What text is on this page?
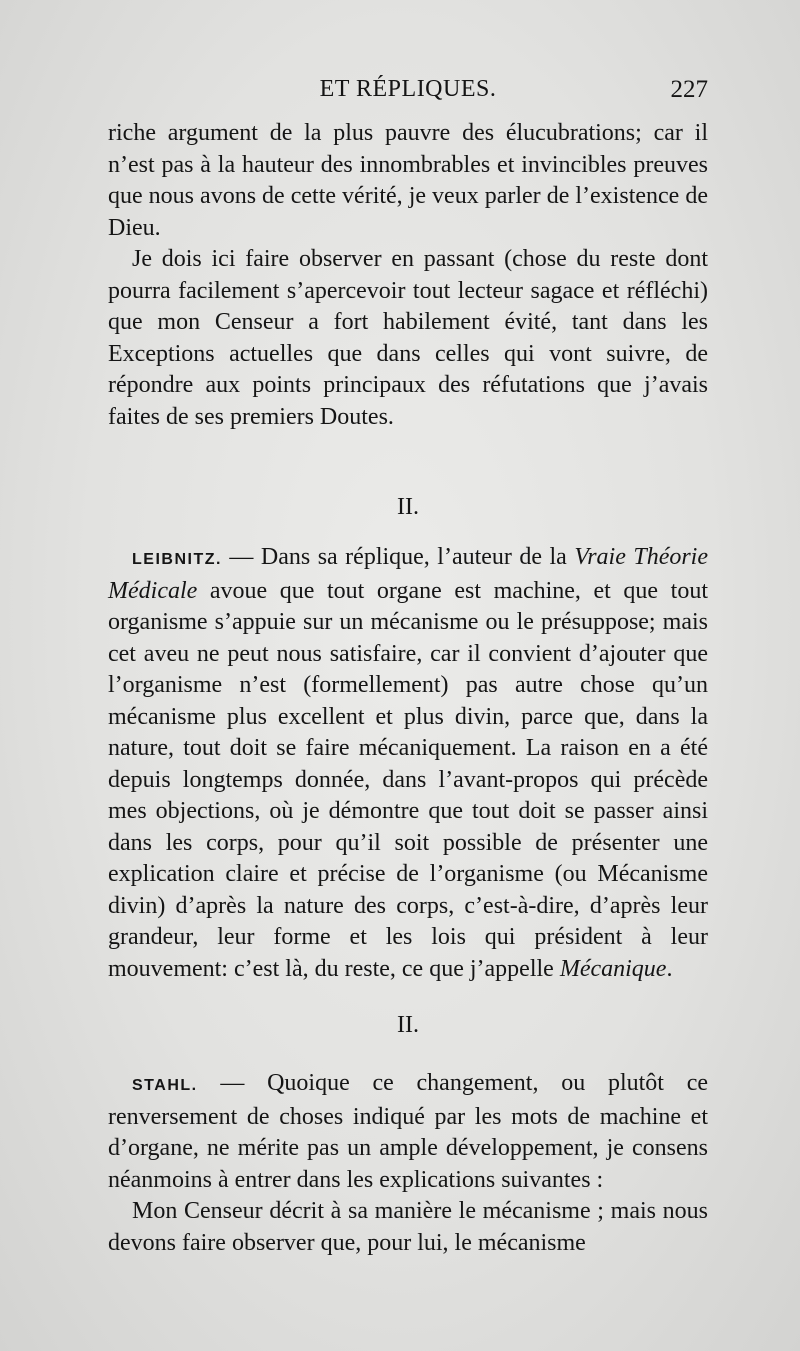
ET RÉPLIQUES.	227

riche argument de la plus pauvre des élucubrations; car il n’est pas à la hauteur des innombrables et invincibles preuves que nous avons de cette vérité, je veux parler de l’existence de Dieu.

Je dois ici faire observer en passant (chose du reste dont pourra facilement s’apercevoir tout lecteur sagace et réfléchi) que mon Censeur a fort habilement évité, tant dans les Exceptions actuelles que dans celles qui vont suivre, de répondre aux points principaux des réfutations que j’avais faites de ses premiers Doutes.

II.

LEIBNITZ. — Dans sa réplique, l’auteur de la Vraie Théorie Médicale avoue que tout organe est machine, et que tout organisme s’appuie sur un mécanisme ou le présuppose; mais cet aveu ne peut nous satisfaire, car il convient d’ajouter que l’organisme n’est (formellement) pas autre chose qu’un mécanisme plus excellent et plus divin, parce que, dans la nature, tout doit se faire mécaniquement. La raison en a été depuis longtemps donnée, dans l’avant-propos qui précède mes objections, où je démontre que tout doit se passer ainsi dans les corps, pour qu’il soit possible de présenter une explication claire et précise de l’organisme (ou Mécanisme divin) d’après la nature des corps, c’est-à-dire, d’après leur grandeur, leur forme et les lois qui président à leur mouvement: c’est là, du reste, ce que j’appelle Mécanique.

II.

STAHL. — Quoique ce changement, ou plutôt ce renversement de choses indiqué par les mots de machine et d’organe, ne mérite pas un ample développement, je consens néanmoins à entrer dans les explications suivantes :

Mon Censeur décrit à sa manière le mécanisme ; mais nous devons faire observer que, pour lui, le mécanisme
